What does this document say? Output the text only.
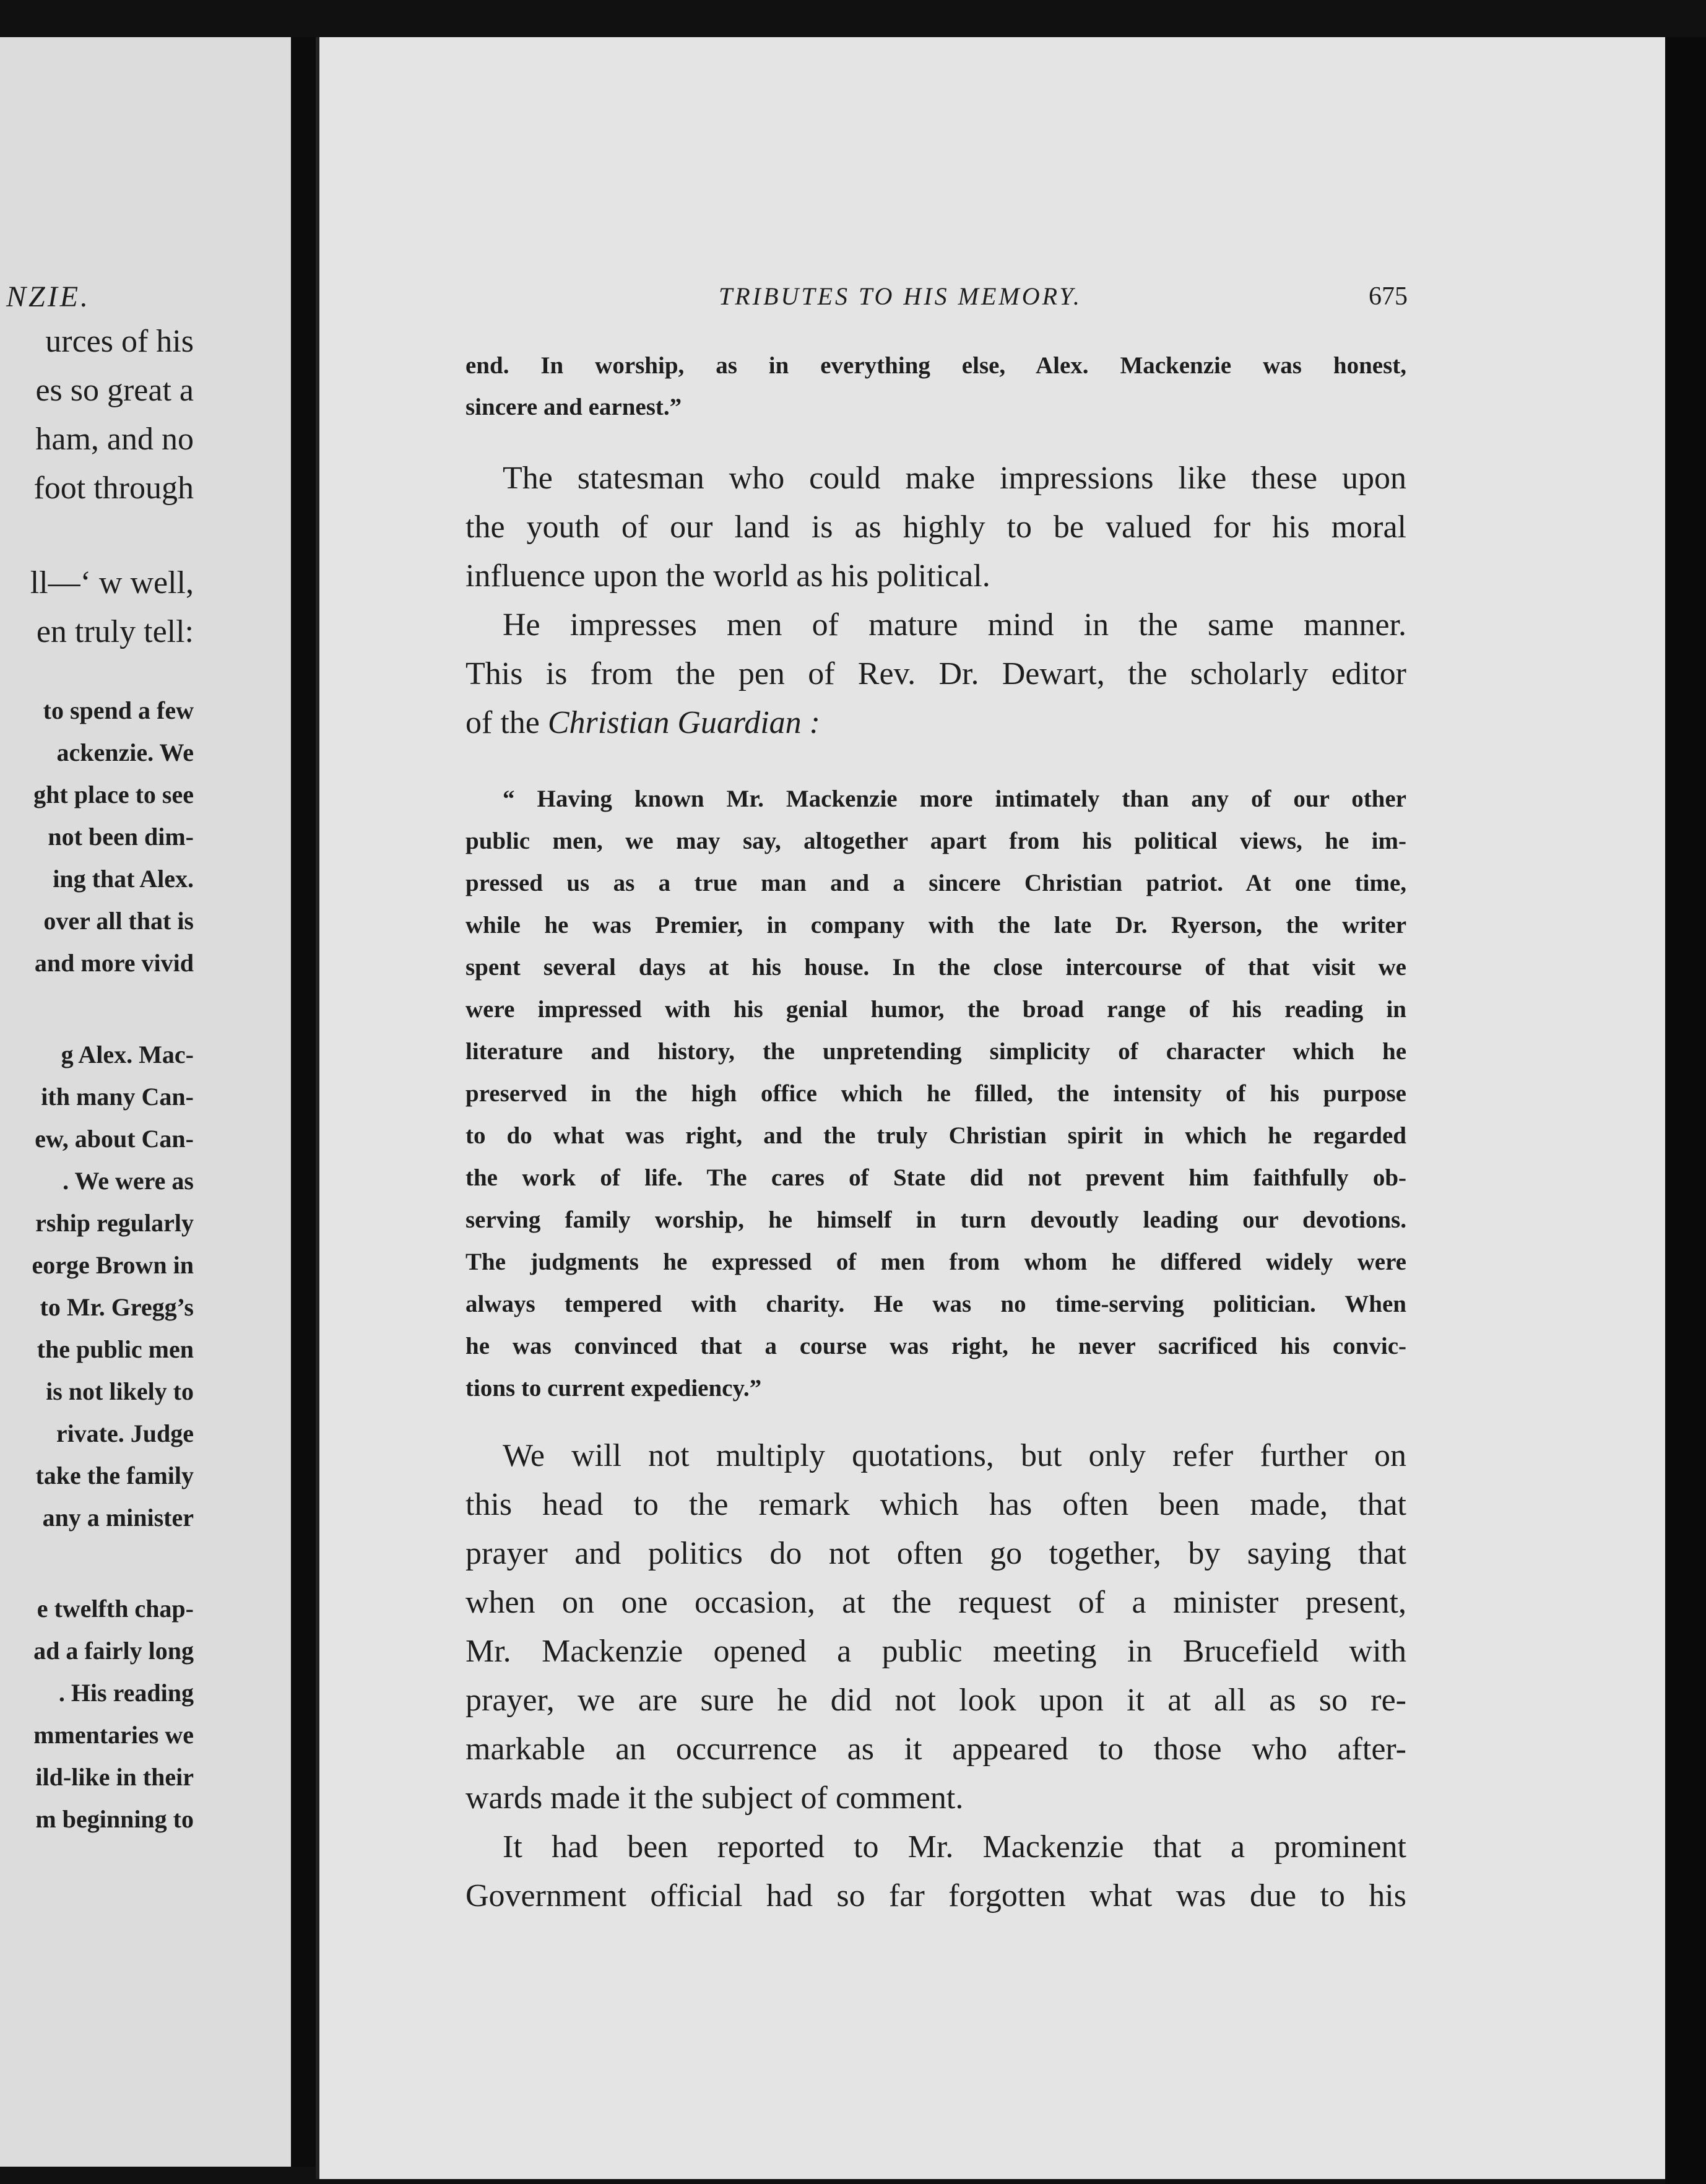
NZIE.
urces of his
es so great a
ham, and no
foot through
ll—‘ w well,
en truly tell:
to spend a few
ackenzie. We
ght place to see
not been dim-
ing that Alex.
over all that is
and more vivid
g Alex. Mac-
ith many Can-
ew, about Can-
. We were as
rship regularly
eorge Brown in
to Mr. Gregg’s
the public men
is not likely to
rivate. Judge
take the family
any a minister
e twelfth chap-
ad a fairly long
. His reading
mmentaries we
ild-like in their
m beginning to
TRIBUTES TO HIS MEMORY.	675
end. In worship, as in everything else, Alex. Mackenzie was honest,
sincere and earnest.”
The statesman who could make impressions like these upon
the youth of our land is as highly to be valued for his moral
influence upon the world as his political.
He impresses men of mature mind in the same manner.
This is from the pen of Rev. Dr. Dewart, the scholarly editor
of the Christian Guardian :
“ Having known Mr. Mackenzie more intimately than any of our other
public men, we may say, altogether apart from his political views, he im-
pressed us as a true man and a sincere Christian patriot. At one time,
while he was Premier, in company with the late Dr. Ryerson, the writer
spent several days at his house. In the close intercourse of that visit we
were impressed with his genial humor, the broad range of his reading in
literature and history, the unpretending simplicity of character which he
preserved in the high office which he filled, the intensity of his purpose
to do what was right, and the truly Christian spirit in which he regarded
the work of life. The cares of State did not prevent him faithfully ob-
serving family worship, he himself in turn devoutly leading our devotions.
The judgments he expressed of men from whom he differed widely were
always tempered with charity. He was no time-serving politician. When
he was convinced that a course was right, he never sacrificed his convic-
tions to current expediency.”
We will not multiply quotations, but only refer further on
this head to the remark which has often been made, that
prayer and politics do not often go together, by saying that
when on one occasion, at the request of a minister present,
Mr. Mackenzie opened a public meeting in Brucefield with
prayer, we are sure he did not look upon it at all as so re-
markable an occurrence as it appeared to those who after-
wards made it the subject of comment.
It had been reported to Mr. Mackenzie that a prominent
Government official had so far forgotten what was due to his
